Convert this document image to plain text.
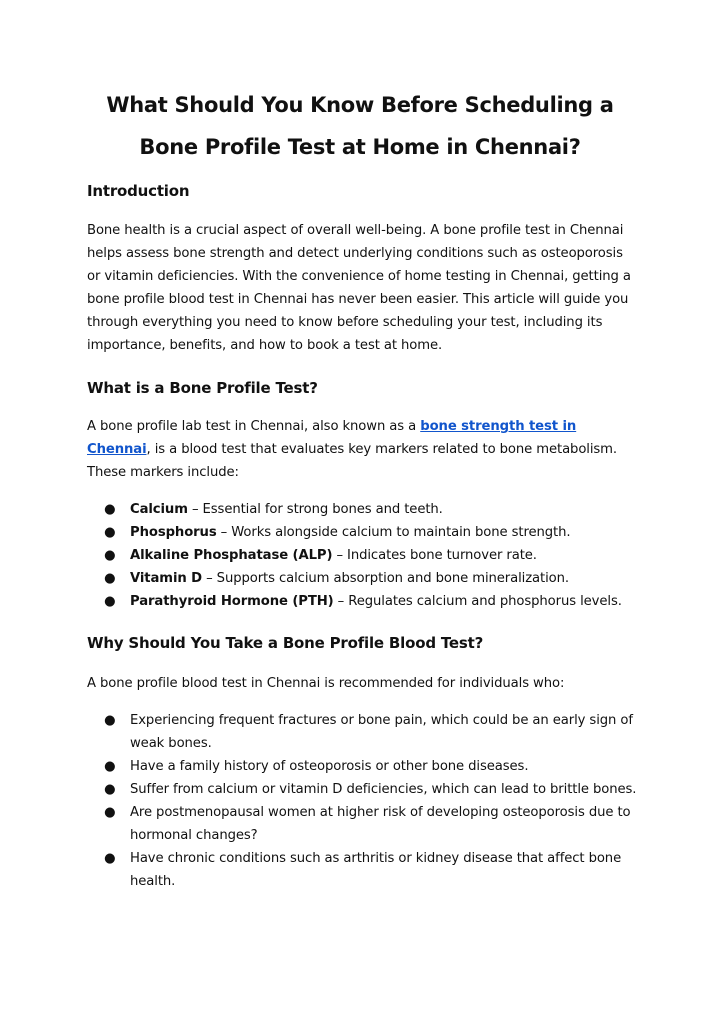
What Should You Know Before Scheduling a
Bone Profile Test at Home in Chennai?
Introduction

Bone health is a crucial aspect of overall well-being. A bone profile test in Chennai helps assess bone strength and detect underlying conditions such as osteoporosis or vitamin deficiencies. With the convenience of home testing in Chennai, getting a bone profile blood test in Chennai has never been easier. This article will guide you through everything you need to know before scheduling your test, including its importance, benefits, and how to book a test at home.

What is a Bone Profile Test?

A bone profile lab test in Chennai, also known as a bone strength test in Chennai, is a blood test that evaluates key markers related to bone metabolism. These markers include:

● Calcium – Essential for strong bones and teeth.
● Phosphorus – Works alongside calcium to maintain bone strength.
● Alkaline Phosphatase (ALP) – Indicates bone turnover rate.
● Vitamin D – Supports calcium absorption and bone mineralization.
● Parathyroid Hormone (PTH) – Regulates calcium and phosphorus levels.
Why Should You Take a Bone Profile Blood Test?

A bone profile blood test in Chennai is recommended for individuals who:

● Experiencing frequent fractures or bone pain, which could be an early sign of weak bones.
● Have a family history of osteoporosis or other bone diseases.
● Suffer from calcium or vitamin D deficiencies, which can lead to brittle bones.
● Are postmenopausal women at higher risk of developing osteoporosis due to hormonal changes?
● Have chronic conditions such as arthritis or kidney disease that affect bone health.
